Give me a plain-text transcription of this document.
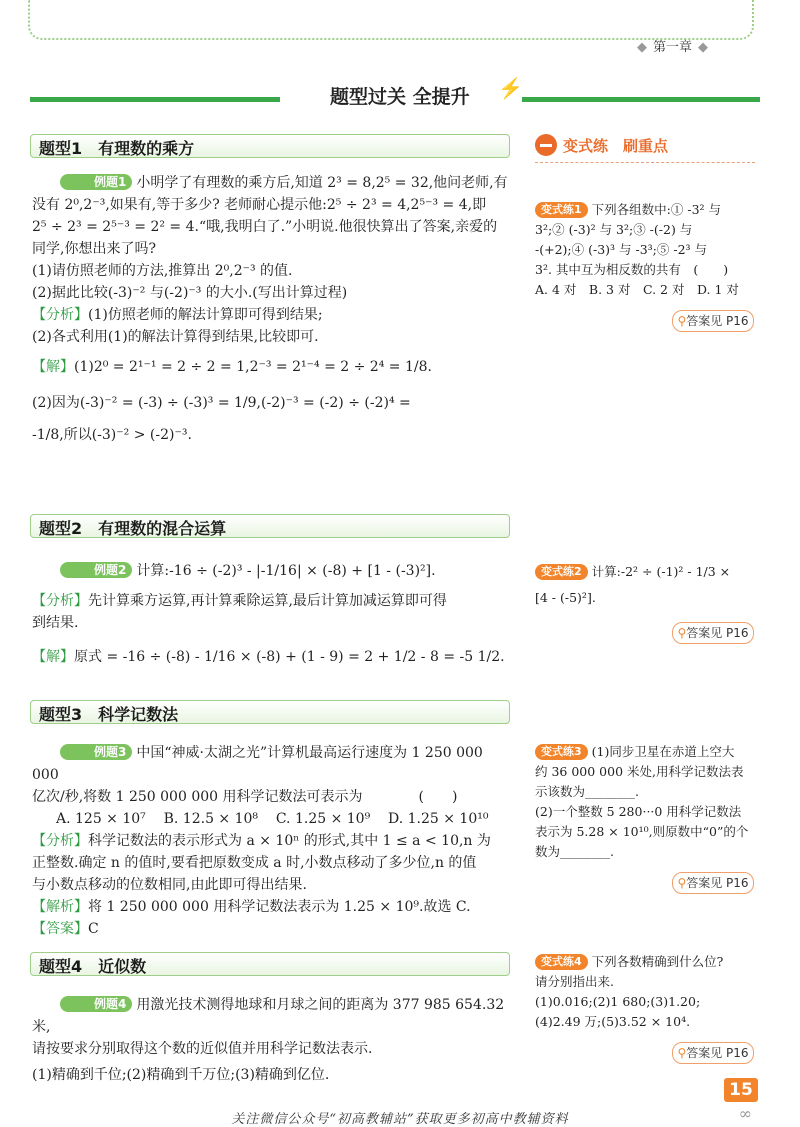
◆ 第一章 ◆
题型过关 全提升 ⚡
题型1　有理数的乘方

例题1 小明学了有理数的乘方后,知道 2³ = 8,2⁵ = 32,他问老师,有

没有 2⁰,2⁻³,如果有,等于多少? 老师耐心提示他:2⁵ ÷ 2³ = 4,2⁵⁻³ = 4,即

2⁵ ÷ 2³ = 2⁵⁻³ = 2² = 4.“哦,我明白了.”小明说.他很快算出了答案,亲爱的

同学,你想出来了吗?

(1)请仿照老师的方法,推算出 2⁰,2⁻³ 的值.

(2)据此比较(-3)⁻² 与(-2)⁻³ 的大小.(写出计算过程)

【分析】(1)仿照老师的解法计算即可得到结果;

(2)各式利用(1)的解法计算得到结果,比较即可.

【解】(1)2⁰ = 2¹⁻¹ = 2 ÷ 2 = 1,2⁻³ = 2¹⁻⁴ = 2 ÷ 2⁴ = 1/8.

(2)因为(-3)⁻² = (-3) ÷ (-3)³ = 1/9,(-2)⁻³ = (-2) ÷ (-2)⁴ =

-1/8,所以(-3)⁻² > (-2)⁻³.

题型2　有理数的混合运算

例题2 计算:-16 ÷ (-2)³ - |-1/16| × (-8) + [1 - (-3)²].

【分析】先计算乘方运算,再计算乘除运算,最后计算加减运算即可得

到结果.

【解】原式 = -16 ÷ (-8) - 1/16 × (-8) + (1 - 9) = 2 + 1/2 - 8 = -5 1/2.

题型3　科学记数法

例题3 中国“神威·太湖之光”计算机最高运行速度为 1 250 000 000

亿次/秒,将数 1 250 000 000 用科学记数法可表示为　　　　(　　)

A. 125 × 10⁷ B. 12.5 × 10⁸ C. 1.25 × 10⁹ D. 1.25 × 10¹⁰

【分析】科学记数法的表示形式为 a × 10ⁿ 的形式,其中 1 ≤ a < 10,n 为

正整数.确定 n 的值时,要看把原数变成 a 时,小数点移动了多少位,n 的值

与小数点移动的位数相同,由此即可得出结果.

【解析】将 1 250 000 000 用科学记数法表示为 1.25 × 10⁹.故选 C.

【答案】C

题型4　近似数

例题4 用激光技术测得地球和月球之间的距离为 377 985 654.32 米,

请按要求分别取得这个数的近似值并用科学记数法表示.

(1)精确到千位;(2)精确到千万位;(3)精确到亿位.

变式练　刷重点

变式练1 下列各组数中:① -3² 与

3²;② (-3)² 与 3²;③ -(-2) 与

-(+2);④ (-3)³ 与 -3³;⑤ -2³ 与

3². 其中互为相反数的共有　(　　)

A. 4 对　B. 3 对　C. 2 对　D. 1 对

⚲答案见 P16

变式练2 计算:-2² ÷ (-1)² - 1/3 ×

[4 - (-5)²].

⚲答案见 P16

变式练3 (1)同步卫星在赤道上空大

约 36 000 000 米处,用科学记数法表

示该数为________.

(2)一个整数 5 280···0 用科学记数法

表示为 5.28 × 10¹⁰,则原数中“0”的个

数为________.

⚲答案见 P16

变式练4 下列各数精确到什么位?

请分别指出来.

(1)0.016;(2)1 680;(3)1.20;

(4)2.49 万;(5)3.52 × 10⁴.

⚲答案见 P16
15
∞
关注微信公众号“初高教辅站”获取更多初高中教辅资料
